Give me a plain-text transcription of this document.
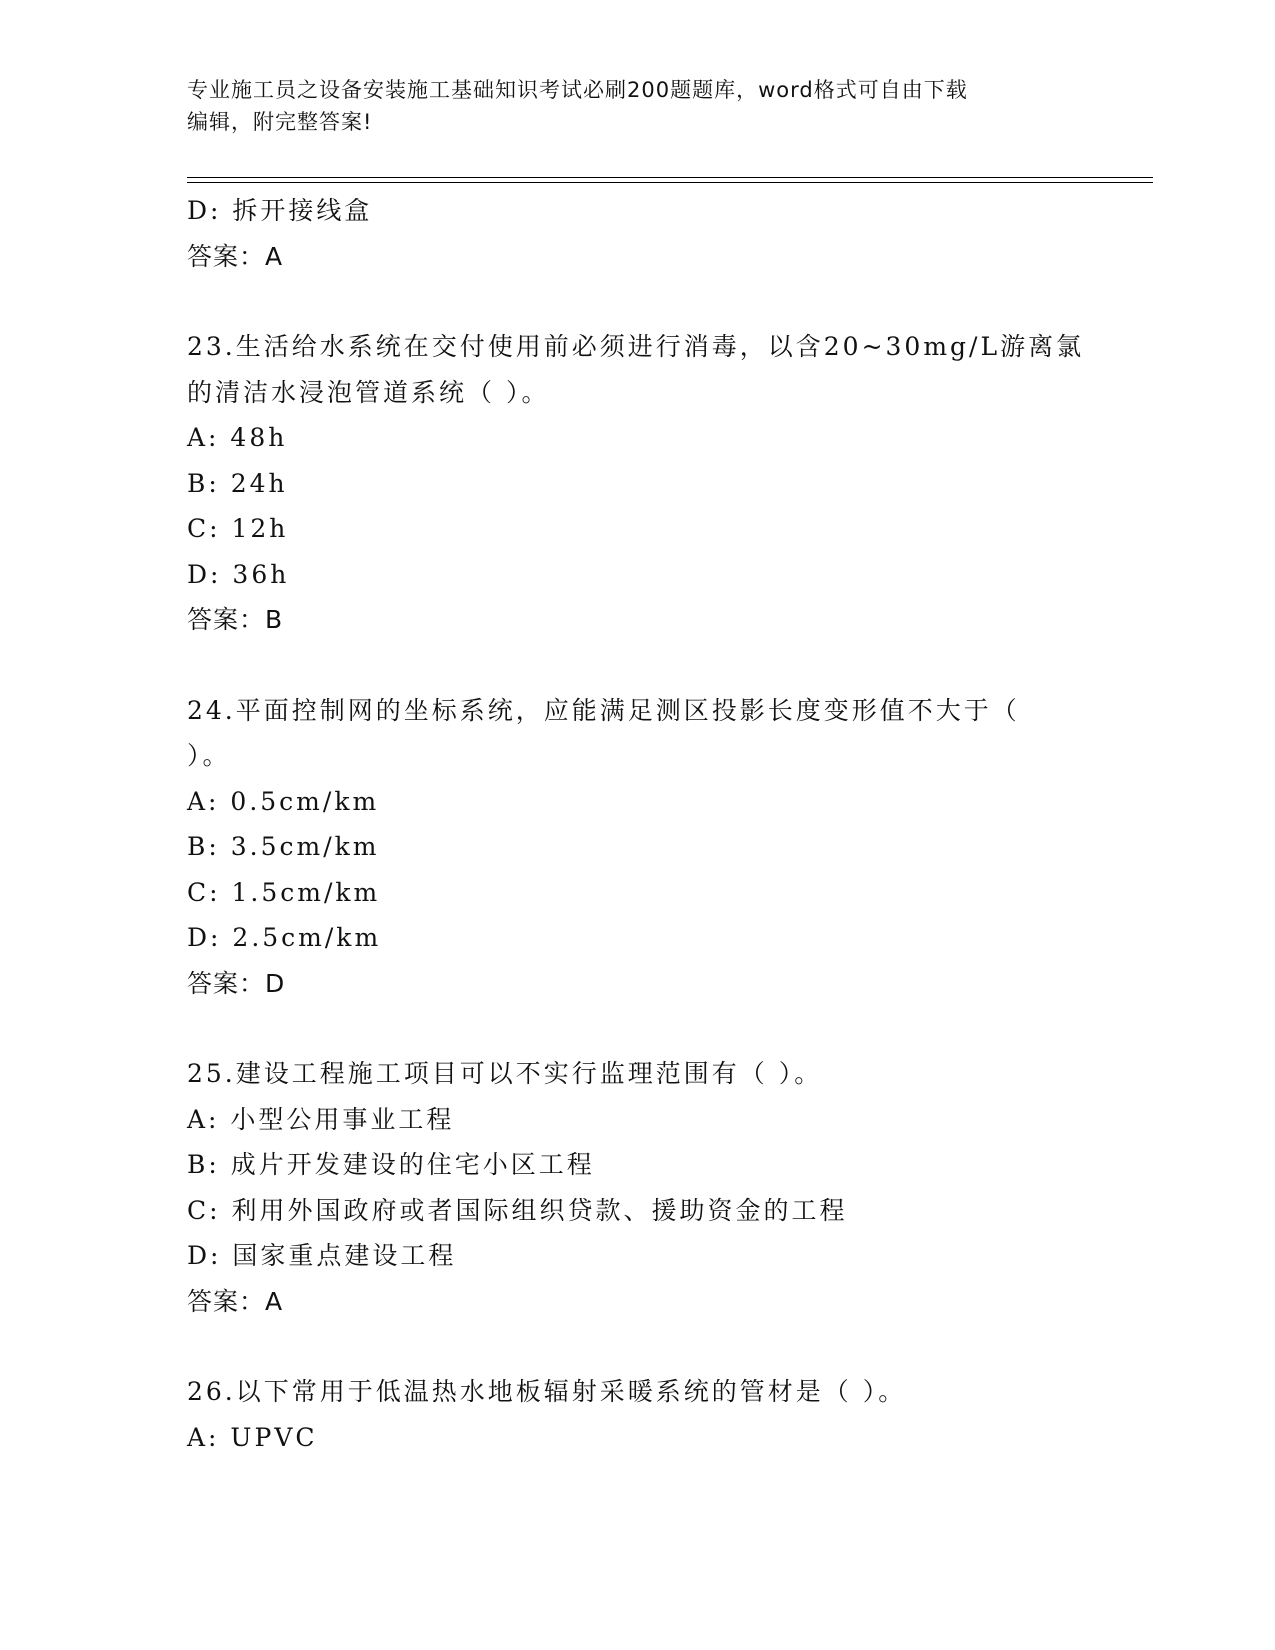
专业施工员之设备安装施工基础知识考试必刷200题题库，word格式可自由下载
编辑，附完整答案!
D: 拆开接线盒
答案：A
23.生活给水系统在交付使用前必须进行消毒，以含20~30mg/L游离氯
的清洁水浸泡管道系统（ ）。
A: 48h
B: 24h
C: 12h
D: 36h
答案：B
24.平面控制网的坐标系统，应能满足测区投影长度变形值不大于（
）。
A: 0.5cm/km
B: 3.5cm/km
C: 1.5cm/km
D: 2.5cm/km
答案：D
25.建设工程施工项目可以不实行监理范围有（ ）。
A: 小型公用事业工程
B: 成片开发建设的住宅小区工程
C: 利用外国政府或者国际组织贷款、援助资金的工程
D: 国家重点建设工程
答案：A
26.以下常用于低温热水地板辐射采暖系统的管材是（ ）。
A: UPVC
